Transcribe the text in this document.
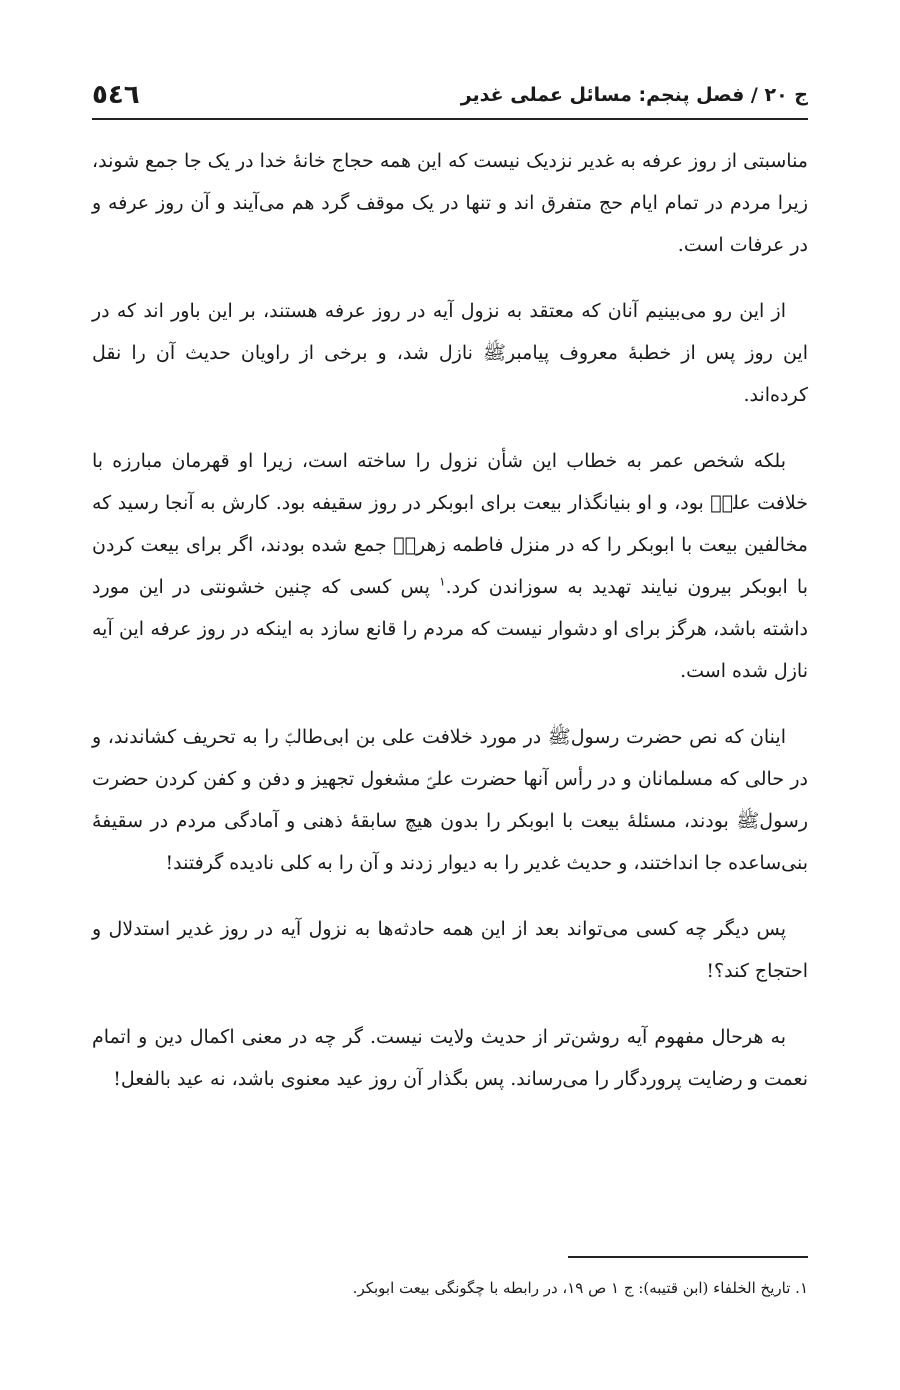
ج ٢٠ / فصل پنجم: مسائل عملی غدیر
٥٤٦

مناسبتی از روز عرفه به غدیر نزدیک نیست که این همه حجاج خانهٔ خدا در یک جا جمع شوند، زیرا مردم در تمام ایام حج متفرق اند و تنها در یک موقف گرد هم می‌آیند و آن روز عرفه و در عرفات است.

از این رو می‌بینیم آنان که معتقد به نزول آیه در روز عرفه هستند، بر این باور اند که در این روز پس از خطبهٔ معروف پیامبرﷺ نازل شد، و برخی از راویان حدیث آن را نقل کرده‌اند.

بلکه شخص عمر به خطاب این شأن نزول را ساخته است، زیرا او قهرمان مبارزه با خلافت علیؑ بود، و او بنیانگذار بیعت برای ابوبکر در روز سقیفه بود. کارش به آنجا رسید که مخالفین بیعت با ابوبکر را که در منزل فاطمه زهراؑ جمع شده بودند، اگر برای بیعت کردن با ابوبکر بیرون نیایند تهدید به سوزاندن کرد.$^١$ پس کسی که چنین خشونتی در این مورد داشته باشد، هرگز برای او دشوار نیست که مردم را قانع سازد به اینکه در روز عرفه این آیه نازل شده است.

اینان که نص حضرت رسولﷺ در مورد خلافت علی بن ابی‌طالبؑ را به تحریف کشاندند، و در حالی که مسلمانان و در رأس آنها حضرت علیؑ مشغول تجهیز و دفن و کفن کردن حضرت رسولﷺ بودند، مسئلهٔ بیعت با ابوبکر را بدون هیچ سابقهٔ ذهنی و آمادگی مردم در سقیفهٔ بنی‌ساعده جا انداختند، و حدیث غدیر را به دیوار زدند و آن را به کلی نادیده گرفتند!

پس دیگر چه کسی می‌تواند بعد از این همه حادثه‌ها به نزول آیه در روز غدیر استدلال و احتجاج کند؟!

به هرحال مفهوم آیه روشن‌تر از حدیث ولایت نیست. گر چه در معنی اکمال دین و اتمام نعمت و رضایت پروردگار را می‌رساند. پس بگذار آن روز عید معنوی باشد، نه عید بالفعل!

١. تاریخ الخلفاء (ابن قتیبه): ج ١ ص ١٩، در رابطه با چگونگی بیعت ابوبکر.
